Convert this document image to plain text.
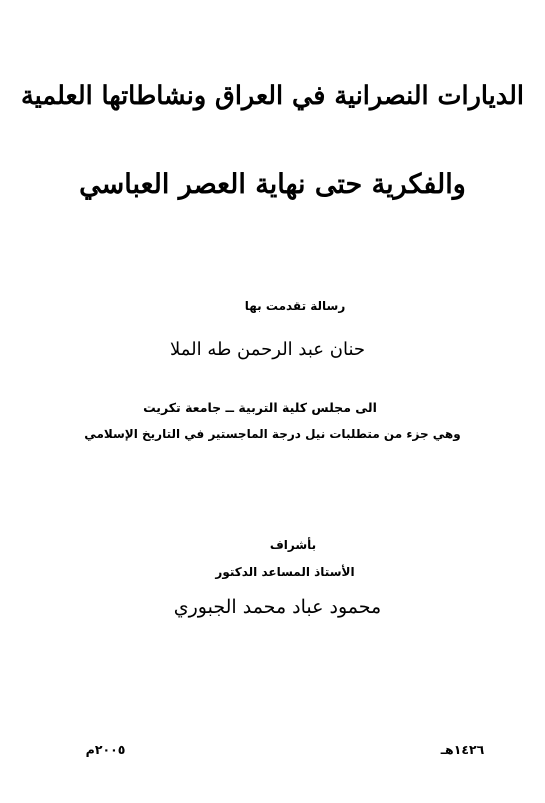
الديارات النصرانية في العراق ونشاطاتها العلمية
والفكرية حتى نهاية العصر العباسي
رسالة تقدمت بها
حنان عبد الرحمن طه الملا
الى مجلس كلية التربية ــ جامعة تكريت
وهي جزء من متطلبات نيل درجة الماجستير في التاريخ الإسلامي
بأشراف
الأستاذ المساعد الدكتور
محمود عباد محمد الجبوري
١٤٢٦هـ
٢٠٠٥م
